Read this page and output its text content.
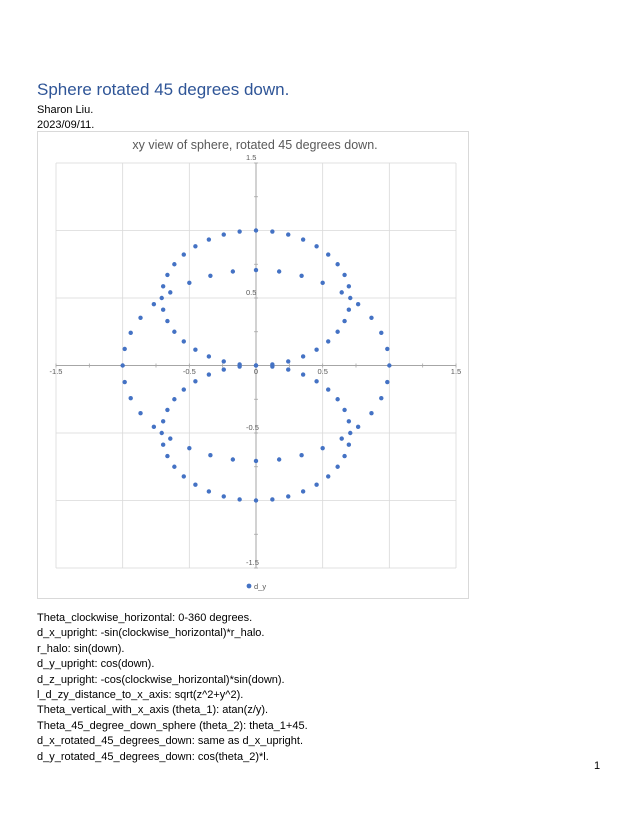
Sphere rotated 45 degrees down.
Sharon Liu.
2023/09/11.
xy view of sphere, rotated 45 degrees down.
-1.5	-0.5	0	0.5	1.5
1.5
0.5
-0.5
-1.5
d_y
Theta_clockwise_horizontal: 0-360 degrees.
d_x_upright: -sin(clockwise_horizontal)*r_halo.
r_halo: sin(down).
d_y_upright: cos(down).
d_z_upright: -cos(clockwise_horizontal)*sin(down).
l_d_zy_distance_to_x_axis: sqrt(z^2+y^2).
Theta_vertical_with_x_axis (theta_1): atan(z/y).
Theta_45_degree_down_sphere (theta_2): theta_1+45.
d_x_rotated_45_degrees_down: same as d_x_upright.
d_y_rotated_45_degrees_down: cos(theta_2)*l.
1
